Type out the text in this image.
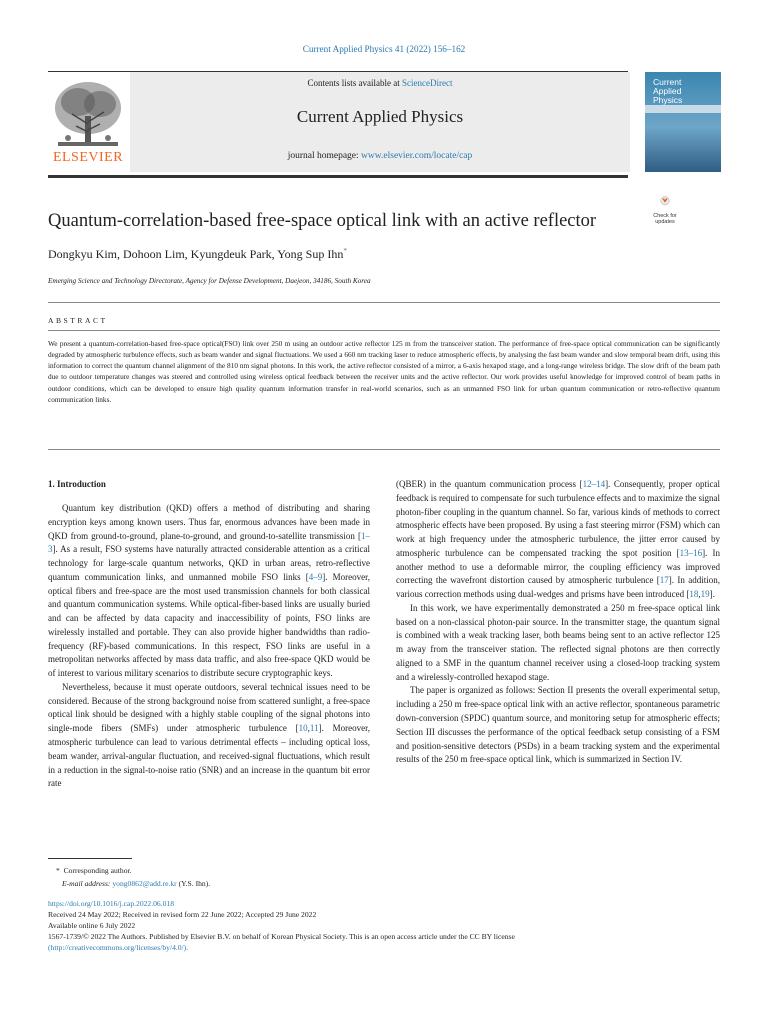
Current Applied Physics 41 (2022) 156–162
ELSEVIER
Contents lists available at ScienceDirect
Current Applied Physics
journal homepage: www.elsevier.com/locate/cap
Current
Applied
Physics
Quantum-correlation-based free-space optical link with an active reflector	Check for updates
Dongkyu Kim, Dohoon Lim, Kyungdeuk Park, Yong Sup Ihn*
Emerging Science and Technology Directorate, Agency for Defense Development, Daejeon, 34186, South Korea
ABSTRACT
We present a quantum-correlation-based free-space optical(FSO) link over 250 m using an outdoor active reflector 125 m from the transceiver station. The performance of free-space optical communication can be significantly degraded by atmospheric turbulence effects, such as beam wander and signal fluctuations. We used a 660 nm tracking laser to reduce atmospheric effects, by analysing the fast beam wander and slow temporal beam drift, using this information to correct the quantum channel alignment of the 810 nm signal photons. In this work, the active reflector consisted of a mirror, a 6-axis hexapod stage, and a long-range wireless bridge. The slow drift of the beam path due to outdoor temperature changes was steered and controlled using wireless optical feedback between the receiver units and the active reflector. Our work provides useful knowledge for improved control of beam paths in outdoor conditions, which can be developed to ensure high quality quantum information transfer in real-world scenarios, such as an unmanned FSO link for urban quantum communication or retro-reflective quantum communication links.
1. Introduction

Quantum key distribution (QKD) offers a method of distributing and sharing encryption keys among known users. Thus far, enormous advances have been made in QKD from ground-to-ground, plane-to-ground, and ground-to-satellite transmission [1–3]. As a result, FSO systems have naturally attracted considerable attention as a critical technology for large-scale quantum networks, QKD in urban areas, retro-reflective quantum communication links, and unmanned mobile FSO links [4–9]. Moreover, optical fibers and free-space are the most used transmission channels for both classical and quantum communication systems. While optical-fiber-based links are usually buried and can be affected by data capacity and inaccessibility of points, FSO links are wirelessly installed and portable. They can also provide higher bandwidths than radio-frequency (RF)-based communications. In this respect, FSO links are useful in a metropolitan networks affected by mass data traffic, and also free-space QKD would be of interest to various military scenarios to distribute secure cryptographic keys.

Nevertheless, because it must operate outdoors, several technical issues need to be considered. Because of the strong background noise from scattered sunlight, a free-space optical link should be designed with a highly stable coupling of the signal photons into single-mode fibers (SMFs) under atmospheric turbulence [10,11]. Moreover, atmospheric turbulence can lead to various detrimental effects – including optical loss, beam wander, arrival-angular fluctuation, and received-signal fluctuations, which result in a reduction in the signal-to-noise ratio (SNR) and an increase in the quantum bit error rate

(QBER) in the quantum communication process [12–14]. Consequently, proper optical feedback is required to compensate for such turbulence effects and to maximize the signal photon-fiber coupling in the quantum channel. So far, various kinds of methods to correct atmospheric effects have been proposed. By using a fast steering mirror (FSM) which can work at high frequency under the atmospheric turbulence, the jitter error caused by atmospheric turbulence can be compensated tracking the spot position [13–16]. In another method to use a deformable mirror, the coupling efficiency was improved correcting the wavefront distortion caused by atmospheric turbulence [17]. In addition, various correction methods using dual-wedges and prisms have been introduced [18,19].

In this work, we have experimentally demonstrated a 250 m free-space optical link based on a non-classical photon-pair source. In the transmitter stage, the quantum signal is combined with a weak tracking laser, both beams being sent to an active reflector 125 m away from the transceiver station. The reflected signal photons are then correctly aligned to a SMF in the quantum channel receiver using a closed-loop tracking system and a wirelessly-controlled hexapod stage.

The paper is organized as follows: Section II presents the overall experimental setup, including a 250 m free-space optical link with an active reflector, spontaneous parametric down-conversion (SPDC) quantum source, and monitoring setup for atmospheric effects; Section III discusses the performance of the optical feedback setup consisting of a FSM and position-sensitive detectors (PSDs) in a beam tracking system and the experimental results of the 250 m free-space optical link, which is summarized in Section IV.

* Corresponding author.
E-mail address: yong0862@add.re.kr (Y.S. Ihn).
https://doi.org/10.1016/j.cap.2022.06.018
Received 24 May 2022; Received in revised form 22 June 2022; Accepted 29 June 2022
Available online 6 July 2022
1567-1739/© 2022 The Authors. Published by Elsevier B.V. on behalf of Korean Physical Society. This is an open access article under the CC BY license
(http://creativecommons.org/licenses/by/4.0/).
